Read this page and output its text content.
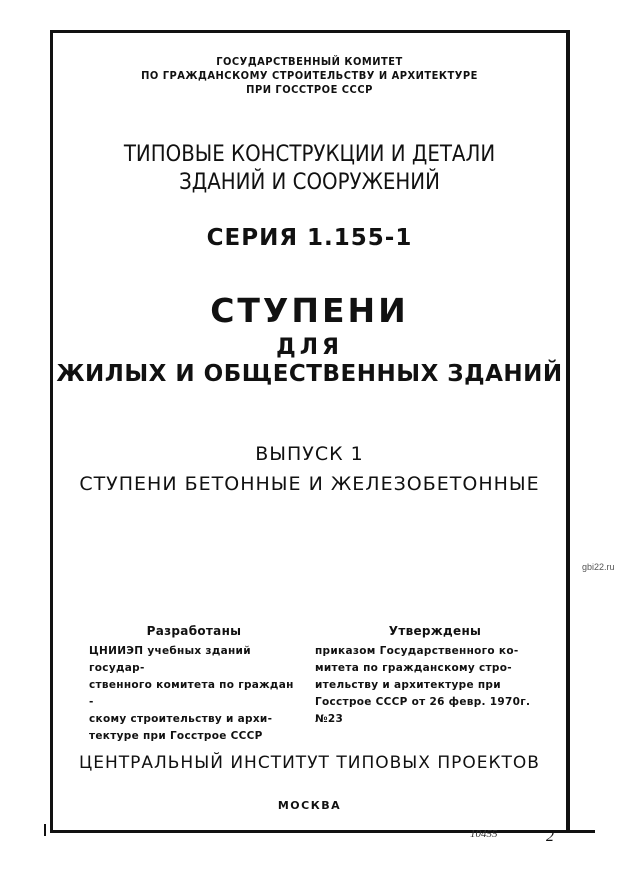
ГОСУДАРСТВЕННЫЙ КОМИТЕТ
ПО ГРАЖДАНСКОМУ СТРОИТЕЛЬСТВУ И АРХИТЕКТУРЕ
ПРИ ГОССТРОЕ СССР
ТИПОВЫЕ КОНСТРУКЦИИ И ДЕТАЛИ
ЗДАНИЙ И СООРУЖЕНИЙ
СЕРИЯ 1.155-1
СТУПЕНИ
ДЛЯ
ЖИЛЫХ И ОБЩЕСТВЕННЫХ ЗДАНИЙ
ВЫПУСК 1
СТУПЕНИ БЕТОННЫЕ И ЖЕЛЕЗОБЕТОННЫЕ
Разработаны
ЦНИИЭП учебных зданий государ-
ственного комитета по граждан -
скому строительству и архи-
тектуре при Госстрое СССР
Утверждены
приказом Государственного ко-
митета по гражданскому стро-
ительству и архитектуре при
Госстрое СССР от 26 февр. 1970г. №23
ЦЕНТРАЛЬНЫЙ ИНСТИТУТ ТИПОВЫХ ПРОЕКТОВ
МОСКВА
gbi22.ru
10455	2
